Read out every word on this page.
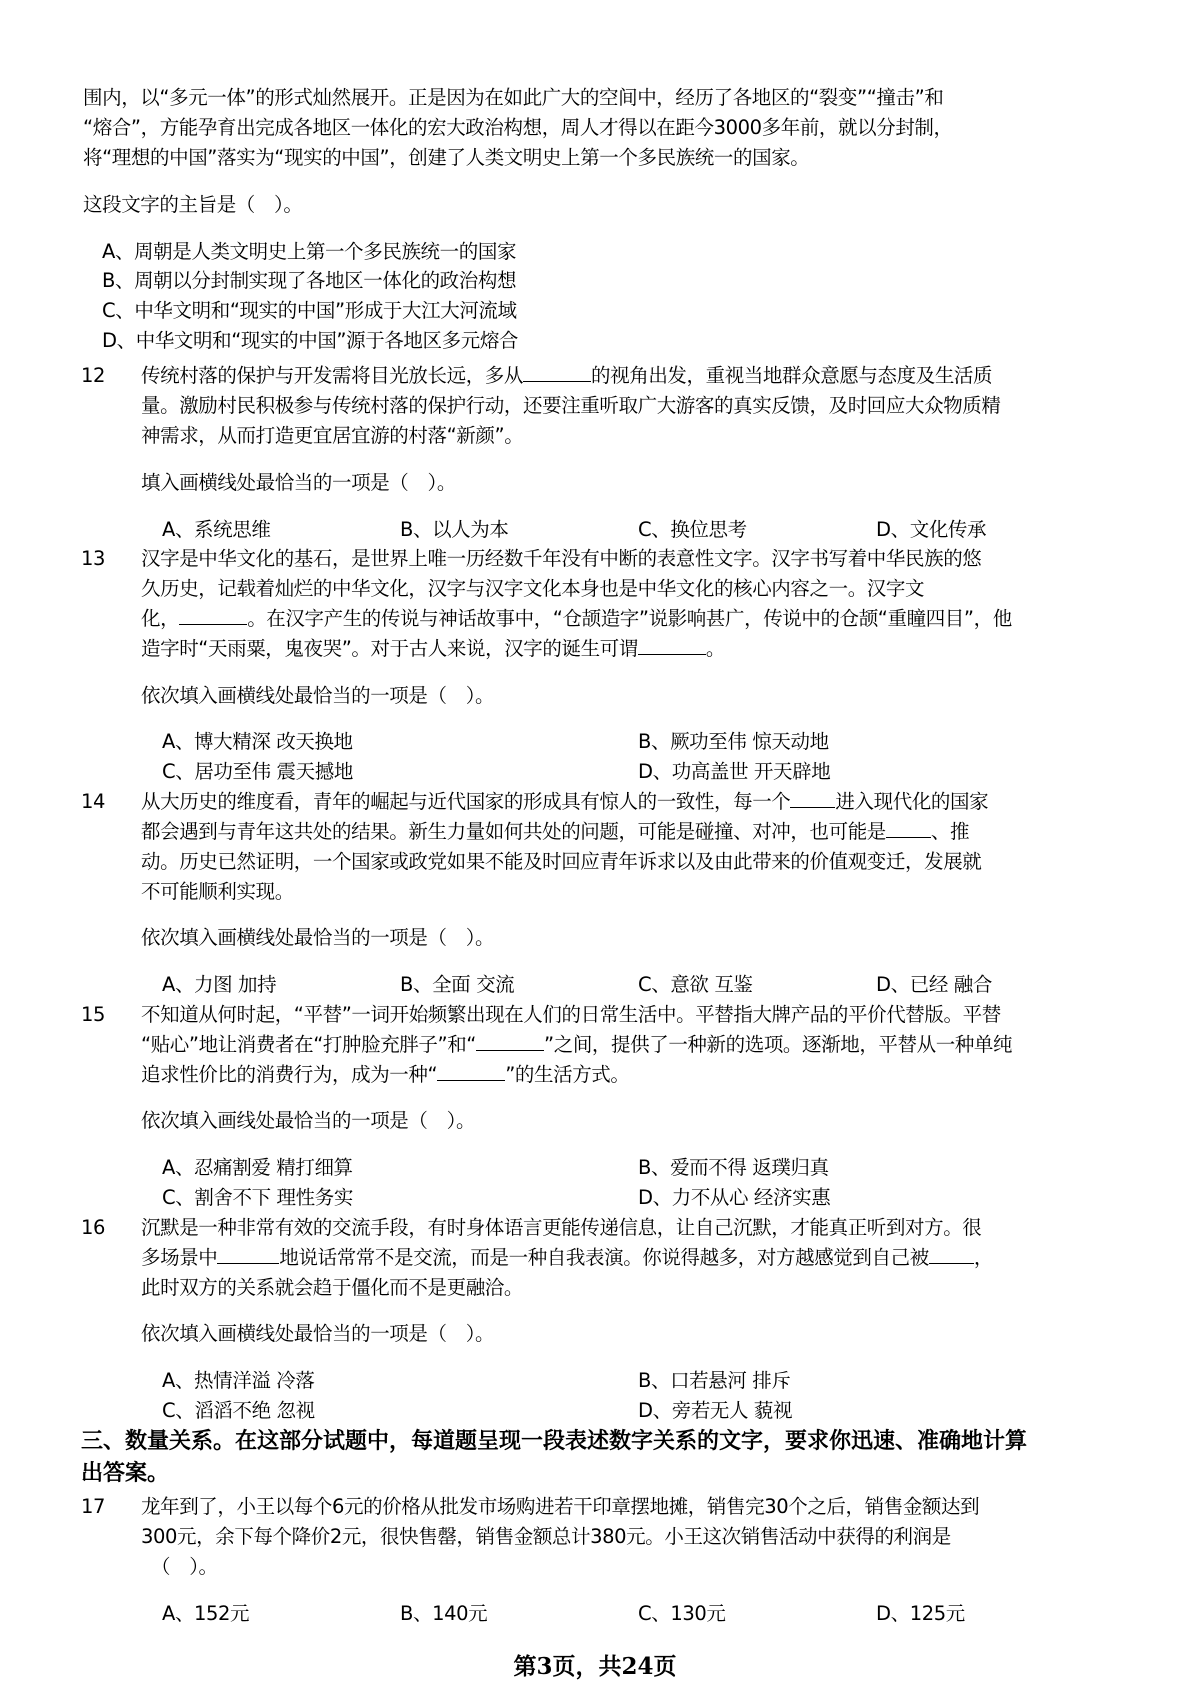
围内，以“多元一体”的形式灿然展开。正是因为在如此广大的空间中，经历了各地区的“裂变”“撞击”和
“熔合”，方能孕育出完成各地区一体化的宏大政治构想，周人才得以在距今3000多年前，就以分封制，
将“理想的中国”落实为“现实的中国”，创建了人类文明史上第一个多民族统一的国家。
这段文字的主旨是（　）。
A、周朝是人类文明史上第一个多民族统一的国家
B、周朝以分封制实现了各地区一体化的政治构想
C、中华文明和“现实的中国”形成于大江大河流域
D、中华文明和“现实的中国”源于各地区多元熔合
12 传统村落的保护与开发需将目光放长远，多从	的视角出发，重视当地群众意愿与态度及生活质
量。激励村民积极参与传统村落的保护行动，还要注重听取广大游客的真实反馈，及时回应大众物质精
神需求，从而打造更宜居宜游的村落“新颜”。
填入画横线处最恰当的一项是（　）。
A、系统思维	B、以人为本	C、换位思考	D、文化传承
13 汉字是中华文化的基石，是世界上唯一历经数千年没有中断的表意性文字。汉字书写着中华民族的悠
久历史，记载着灿烂的中华文化，汉字与汉字文化本身也是中华文化的核心内容之一。汉字文
化，	。在汉字产生的传说与神话故事中，“仓颉造字”说影响甚广，传说中的仓颉“重瞳四目”，他
造字时“天雨粟，鬼夜哭”。对于古人来说，汉字的诞生可谓	。
依次填入画横线处最恰当的一项是（　）。
A、博大精深 改天换地	B、厥功至伟 惊天动地
C、居功至伟 震天撼地	D、功高盖世 开天辟地
14 从大历史的维度看，青年的崛起与近代国家的形成具有惊人的一致性，每一个 进入现代化的国家
都会遇到与青年这共处的结果。新生力量如何共处的问题，可能是碰撞、对冲，也可能是 、推
动。历史已然证明，一个国家或政党如果不能及时回应青年诉求以及由此带来的价值观变迁，发展就
不可能顺利实现。
依次填入画横线处最恰当的一项是（　）。
A、力图 加持	B、全面 交流	C、意欲 互鉴	D、已经 融合
15 不知道从何时起，“平替”一词开始频繁出现在人们的日常生活中。平替指大牌产品的平价代替版。平替
“贴心”地让消费者在“打肿脸充胖子”和“	”之间，提供了一种新的选项。逐渐地，平替从一种单纯
追求性价比的消费行为，成为一种“	”的生活方式。
依次填入画线处最恰当的一项是（　）。
A、忍痛割爱 精打细算	B、爱而不得 返璞归真
C、割舍不下 理性务实	D、力不从心 经济实惠
16 沉默是一种非常有效的交流手段，有时身体语言更能传递信息，让自己沉默，才能真正听到对方。很
多场景中	地说话常常不是交流，而是一种自我表演。你说得越多，对方越感觉到自己被 ，
此时双方的关系就会趋于僵化而不是更融洽。
依次填入画横线处最恰当的一项是（　）。
A、热情洋溢 冷落	B、口若悬河 排斥
C、滔滔不绝 忽视	D、旁若无人 藐视
三、数量关系。在这部分试题中，每道题呈现一段表述数字关系的文字，要求你迅速、准确地计算
出答案。
17 龙年到了，小王以每个6元的价格从批发市场购进若干印章摆地摊，销售完30个之后，销售金额达到
300元，余下每个降价2元，很快售罄，销售金额总计380元。小王这次销售活动中获得的利润是
（　）。
A、152元	B、140元	C、130元	D、125元
第3页，共24页
